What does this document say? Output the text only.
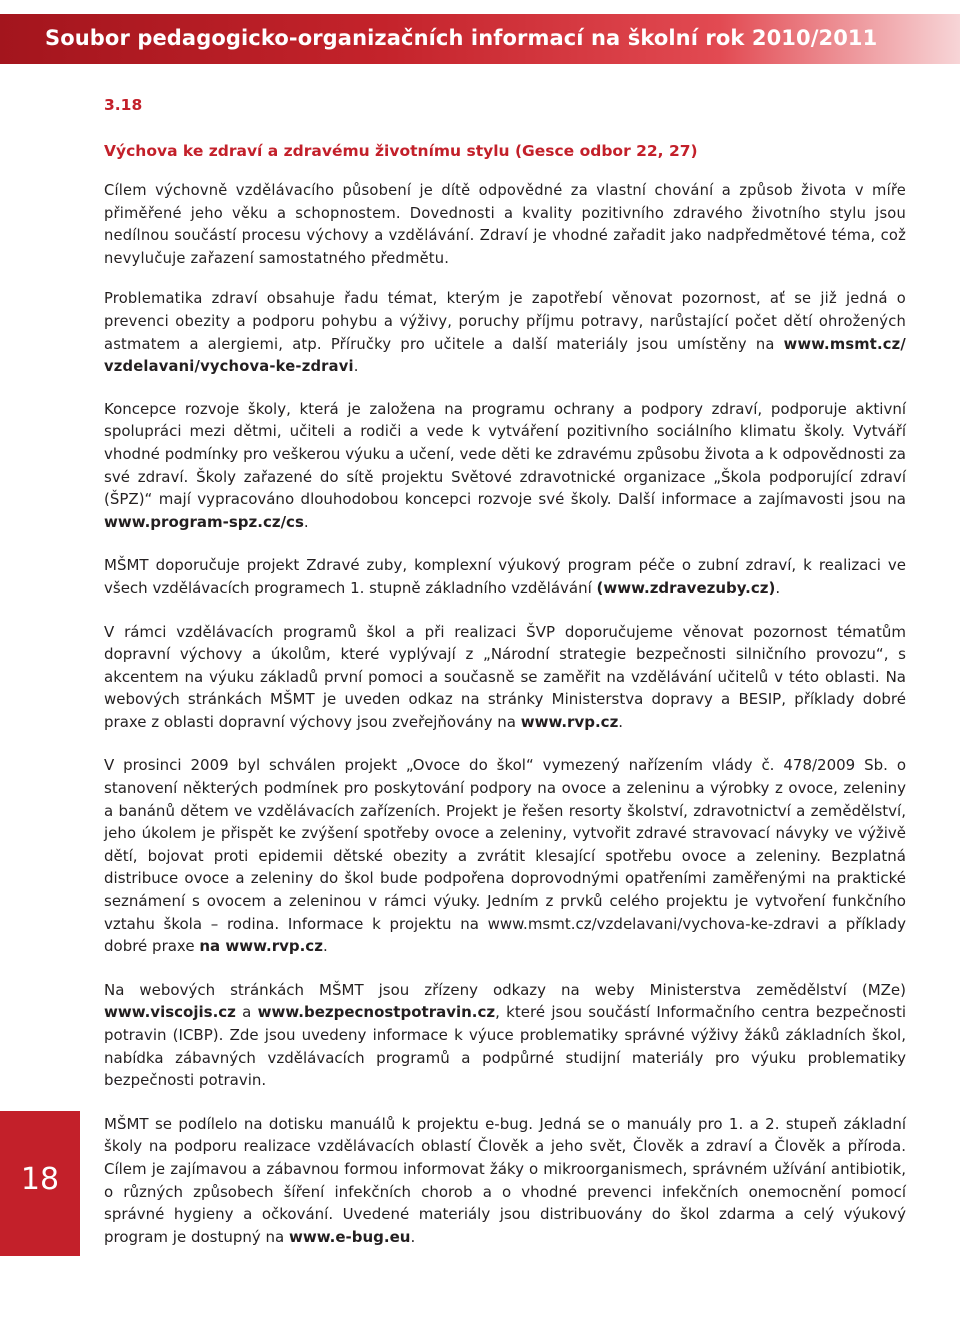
Soubor pedagogicko-organizačních informací na školní rok 2010/2011
3.18
Výchova ke zdraví a zdravému životnímu stylu (Gesce odbor 22, 27)

Cílem výchovně vzdělávacího působení je dítě odpovědné za vlastní chování a způsob života v míře přiměřené jeho věku a schopnostem. Dovednosti a kvality pozitivního zdravého životního stylu jsou nedílnou součástí procesu výchovy a vzdělávání. Zdraví je vhodné zařadit jako nadpředmětové téma, což nevylučuje zařazení samostatného předmětu.

Problematika zdraví obsahuje řadu témat, kterým je zapotřebí věnovat pozornost, ať se již jedná o prevenci obezity a podporu pohybu a výživy, poruchy příjmu potravy, narůstající počet dětí ohrožených astmatem a alergiemi, atp. Příručky pro učitele a další materiály jsou umístěny na www.msmt.cz/ vzdelavani/vychova-ke-zdravi.

Koncepce rozvoje školy, která je založena na programu ochrany a podpory zdraví, podporuje aktivní spolupráci mezi dětmi, učiteli a rodiči a vede k vytváření pozitivního sociálního klimatu školy. Vytváří vhodné podmínky pro veškerou výuku a učení, vede děti ke zdravému způsobu života a k odpovědnosti za své zdraví. Školy zařazené do sítě projektu Světové zdravotnické organizace „Škola podporující zdraví (ŠPZ)“ mají vypracováno dlouhodobou koncepci rozvoje své školy. Další informace a zajímavosti jsou na www.program-spz.cz/cs.

MŠMT doporučuje projekt Zdravé zuby, komplexní výukový program péče o zubní zdraví, k realizaci ve všech vzdělávacích programech 1. stupně základního vzdělávání (www.zdravezuby.cz).

V rámci vzdělávacích programů škol a při realizaci ŠVP doporučujeme věnovat pozornost tématům dopravní výchovy a úkolům, které vyplývají z „Národní strategie bezpečnosti silničního provozu“, s akcentem na výuku základů první pomoci a současně se zaměřit na vzdělávání učitelů v této oblasti. Na webových stránkách MŠMT je uveden odkaz na stránky Ministerstva dopravy a BESIP, příklady dobré praxe z oblasti dopravní výchovy jsou zveřejňovány na www.rvp.cz.

V prosinci 2009 byl schválen projekt „Ovoce do škol“ vymezený nařízením vlády č. 478/2009 Sb. o stanovení některých podmínek pro poskytování podpory na ovoce a zeleninu a výrobky z ovoce, zeleniny a banánů dětem ve vzdělávacích zařízeních. Projekt je řešen resorty školství, zdravotnictví a zemědělství, jeho úkolem je přispět ke zvýšení spotřeby ovoce a zeleniny, vytvořit zdravé stravovací návyky ve výživě dětí, bojovat proti epidemii dětské obezity a zvrátit klesající spotřebu ovoce a zeleniny. Bezplatná distribuce ovoce a zeleniny do škol bude podpořena doprovodnými opatřeními zaměřenými na praktické seznámení s ovocem a zeleninou v rámci výuky. Jedním z prvků celého projektu je vytvoření funkčního vztahu škola – rodina. Informace k projektu na www.msmt.cz/vzdelavani/vychova-ke-zdravi a příklady dobré praxe na www.rvp.cz.

Na webových stránkách MŠMT jsou zřízeny odkazy na weby Ministerstva zemědělství (MZe) www.viscojis.cz a www.bezpecnostpotravin.cz, které jsou součástí Informačního centra bezpečnosti potravin (ICBP). Zde jsou uvedeny informace k výuce problematiky správné výživy žáků základních škol, nabídka zábavných vzdělávacích programů a podpůrné studijní materiály pro výuku problematiky bezpečnosti potravin.

MŠMT se podílelo na dotisku manuálů k projektu e-bug. Jedná se o manuály pro 1. a 2. stupeň základní školy na podporu realizace vzdělávacích oblastí Člověk a jeho svět, Člověk a zdraví a Člověk a příroda. Cílem je zajímavou a zábavnou formou informovat žáky o mikroorganismech, správném užívání antibiotik, o různých způsobech šíření infekčních chorob a o vhodné prevenci infekčních onemocnění pomocí správné hygieny a očkování. Uvedené materiály jsou distribuovány do škol zdarma a celý výukový program je dostupný na www.e-bug.eu.

18
